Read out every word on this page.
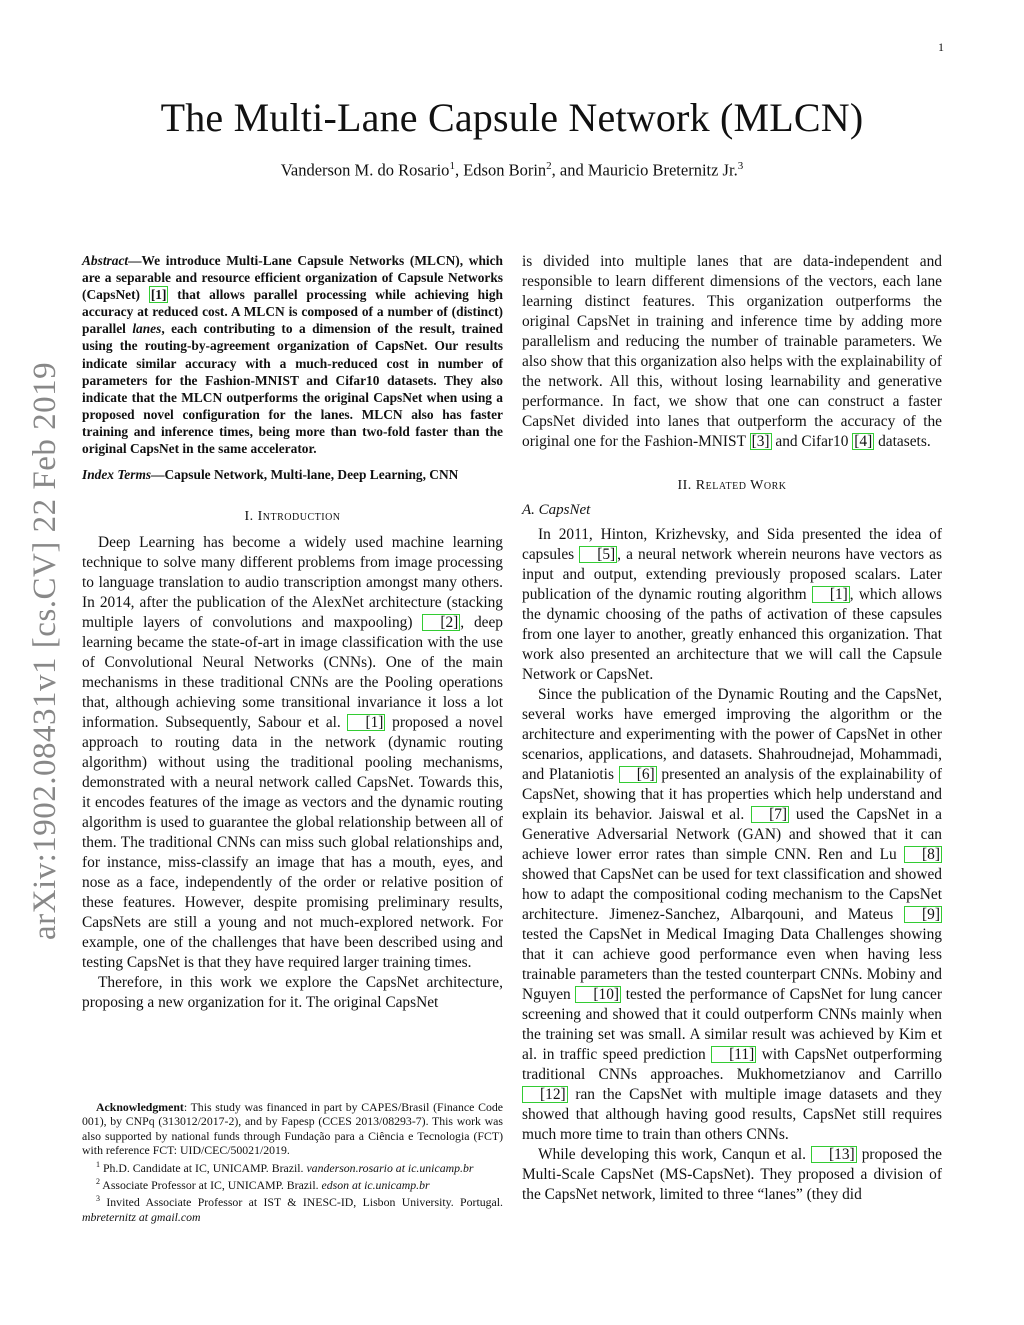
1
The Multi-Lane Capsule Network (MLCN)
Vanderson M. do Rosario$^1$, Edson Borin$^2$, and Mauricio Breternitz Jr.$^3$
arXiv:1902.08431v1 [cs.CV] 22 Feb 2019

Abstract—We introduce Multi-Lane Capsule Networks (MLCN), which are a separable and resource efficient organization of Capsule Networks (CapsNet) [1] that allows parallel processing while achieving high accuracy at reduced cost. A MLCN is composed of a number of (distinct) parallel lanes, each contributing to a dimension of the result, trained using the routing-by-agreement organization of CapsNet. Our results indicate similar accuracy with a much-reduced cost in number of parameters for the Fashion-MNIST and Cifar10 datasets. They also indicate that the MLCN outperforms the original CapsNet when using a proposed novel configuration for the lanes. MLCN also has faster training and inference times, being more than two-fold faster than the original CapsNet in the same accelerator.

Index Terms—Capsule Network, Multi-lane, Deep Learning, CNN

I. Introduction

Deep Learning has become a widely used machine learning technique to solve many different problems from image processing to language translation to audio transcription amongst many others. In 2014, after the publication of the AlexNet architecture (stacking multiple layers of convolutions and maxpooling) [2] , deep learning became the state-of-art in image classification with the use of Convolutional Neural Networks (CNNs). One of the main mechanisms in these traditional CNNs are the Pooling operations that, although achieving some transitional invariance it loss a lot information. Subsequently, Sabour et al. [1] proposed a novel approach to routing data in the network (dynamic routing algorithm) without using the traditional pooling mechanisms, demonstrated with a neural network called CapsNet. Towards this, it encodes features of the image as vectors and the dynamic routing algorithm is used to guarantee the global relationship between all of them. The traditional CNNs can miss such global relationships and, for instance, miss-classify an image that has a mouth, eyes, and nose as a face, independently of the order or relative position of these features. However, despite promising preliminary results, CapsNets are still a young and not much-explored network. For example, one of the challenges that have been described using and testing CapsNet is that they have required larger training times.

Therefore, in this work we explore the CapsNet architecture, proposing a new organization for it. The original CapsNet

Acknowledgment: This study was financed in part by CAPES/Brasil (Finance Code 001), by CNPq (313012/2017-2), and by Fapesp (CCES 2013/08293-7). This work was also supported by national funds through Fundação para a Ciência e Tecnologia (FCT) with reference FCT: UID/CEC/50021/2019.

$^1$ Ph.D. Candidate at IC, UNICAMP. Brazil. vanderson.rosario at ic.unicamp.br

$^2$ Associate Professor at IC, UNICAMP. Brazil. edson at ic.unicamp.br

$^3$ Invited Associate Professor at IST & INESC-ID, Lisbon University. Portugal. mbreternitz at gmail.com

is divided into multiple lanes that are data-independent and responsible to learn different dimensions of the vectors, each lane learning distinct features. This organization outperforms the original CapsNet in training and inference time by adding more parallelism and reducing the number of trainable parameters. We also show that this organization also helps with the explainability of the network. All this, without losing learnability and generative performance. In fact, we show that one can construct a faster CapsNet divided into lanes that outperform the accuracy of the original one for the Fashion-MNIST [3] and Cifar10 [4] datasets.

II. Related Work
A. CapsNet

In 2011, Hinton, Krizhevsky, and Sida presented the idea of capsules [5] , a neural network wherein neurons have vectors as input and output, extending previously proposed scalars. Later publication of the dynamic routing algorithm [1] , which allows the dynamic choosing of the paths of activation of these capsules from one layer to another, greatly enhanced this organization. That work also presented an architecture that we will call the Capsule Network or CapsNet.

Since the publication of the Dynamic Routing and the CapsNet, several works have emerged improving the algorithm or the architecture and experimenting with the power of CapsNet in other scenarios, applications, and datasets. Shahroudnejad, Mohammadi, and Plataniotis [6] presented an analysis of the explainability of CapsNet, showing that it has properties which help understand and explain its behavior. Jaiswal et al. [7] used the CapsNet in a Generative Adversarial Network (GAN) and showed that it can achieve lower error rates than simple CNN. Ren and Lu [8] showed that CapsNet can be used for text classification and showed how to adapt the compositional coding mechanism to the CapsNet architecture. Jimenez-Sanchez, Albarqouni, and Mateus [9] tested the CapsNet in Medical Imaging Data Challenges showing that it can achieve good performance even when having less trainable parameters than the tested counterpart CNNs. Mobiny and Nguyen [10] tested the performance of CapsNet for lung cancer screening and showed that it could outperform CNNs mainly when the training set was small. A similar result was achieved by Kim et al. in traffic speed prediction [11] with CapsNet outperforming traditional CNNs approaches. Mukhometzianov and Carrillo [12] ran the CapsNet with multiple image datasets and they showed that although having good results, CapsNet still requires much more time to train than others CNNs.

While developing this work, Canqun et al. [13] proposed the Multi-Scale CapsNet (MS-CapsNet). They proposed a division of the CapsNet network, limited to three “lanes” (they did
